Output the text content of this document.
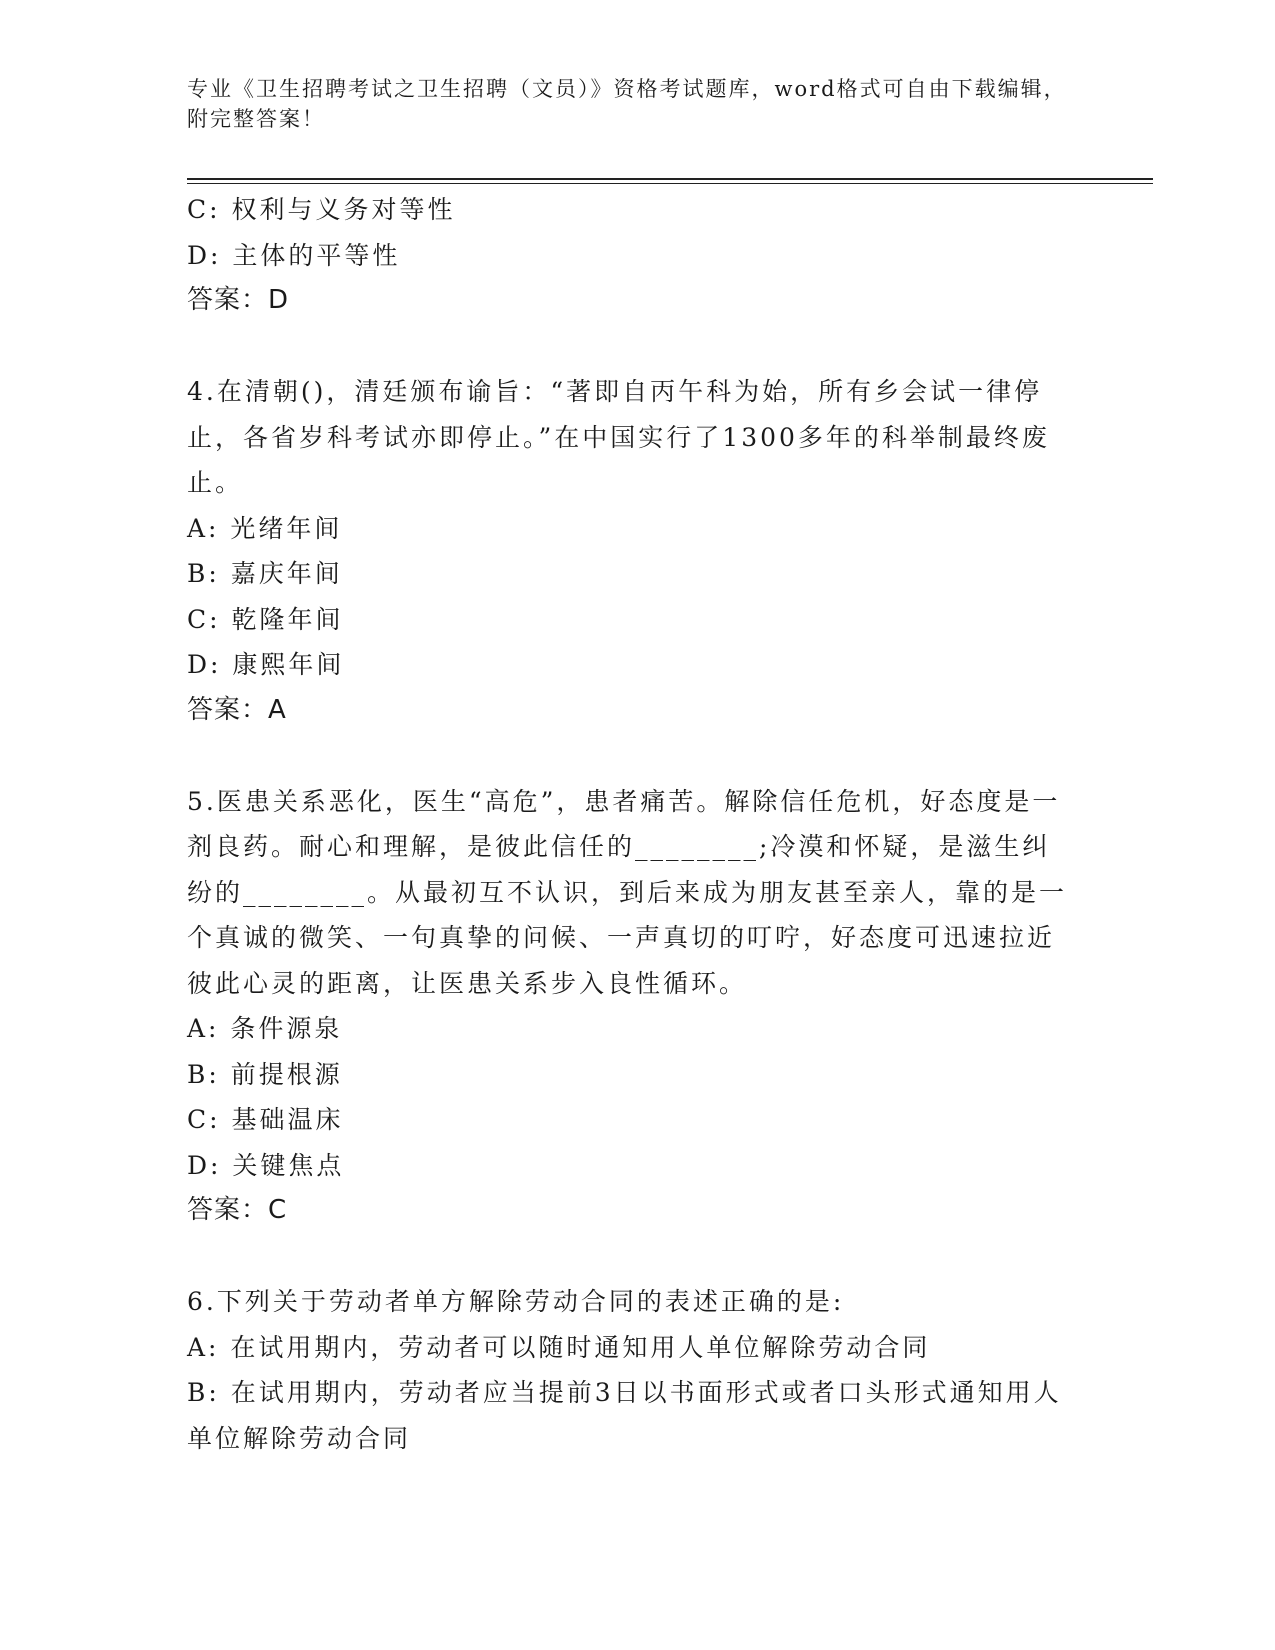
专业《卫生招聘考试之卫生招聘（文员）》资格考试题库，word格式可自由下载编辑，附完整答案！
C: 权利与义务对等性
D: 主体的平等性
答案：D
4.在清朝()，清廷颁布谕旨：“著即自丙午科为始，所有乡会试一律停止，各省岁科考试亦即停止。”在中国实行了1300多年的科举制最终废止。
A: 光绪年间
B: 嘉庆年间
C: 乾隆年间
D: 康熙年间
答案：A
5.医患关系恶化，医生“高危”，患者痛苦。解除信任危机，好态度是一剂良药。耐心和理解，是彼此信任的________;冷漠和怀疑，是滋生纠纷的________。从最初互不认识，到后来成为朋友甚至亲人，靠的是一个真诚的微笑、一句真挚的问候、一声真切的叮咛，好态度可迅速拉近彼此心灵的距离，让医患关系步入良性循环。
A: 条件源泉
B: 前提根源
C: 基础温床
D: 关键焦点
答案：C
6.下列关于劳动者单方解除劳动合同的表述正确的是:
A: 在试用期内，劳动者可以随时通知用人单位解除劳动合同
B: 在试用期内，劳动者应当提前3日以书面形式或者口头形式通知用人单位解除劳动合同
